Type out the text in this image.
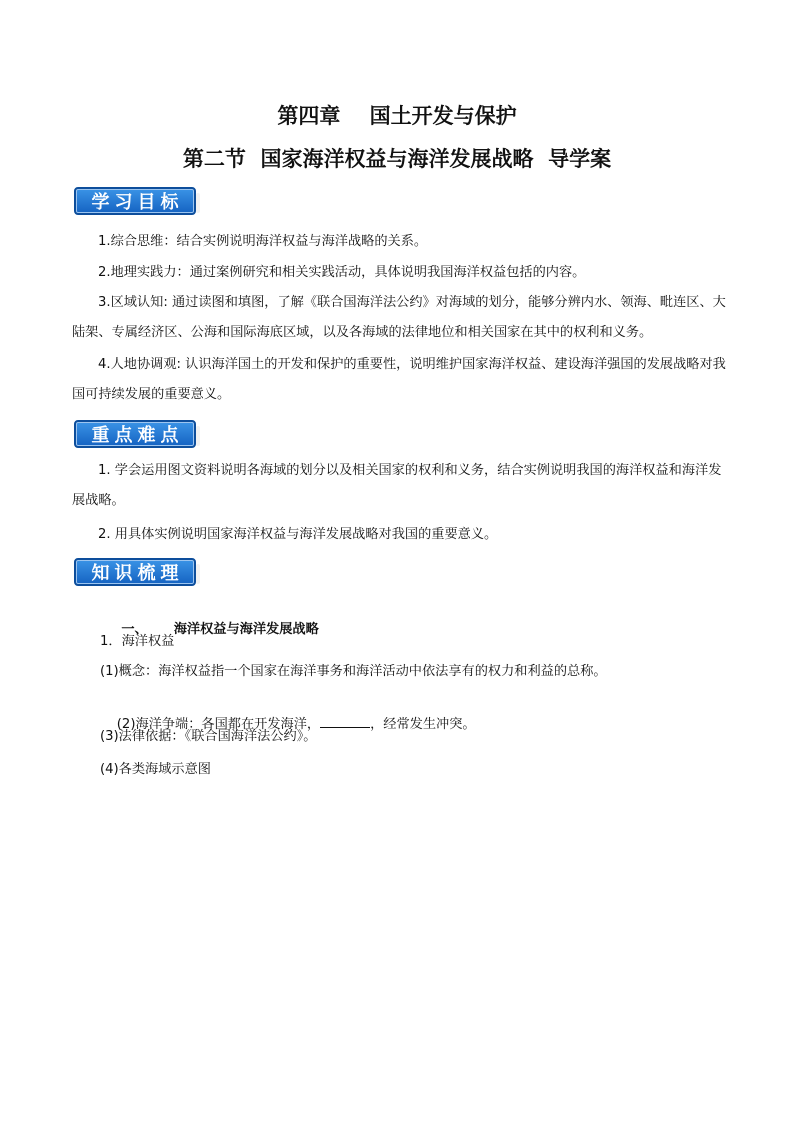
第四章    国土开发与保护
第二节  国家海洋权益与海洋发展战略  导学案
学习目标
1.综合思维：结合实例说明海洋权益与海洋战略的关系。
2.地理实践力：通过案例研究和相关实践活动，具体说明我国海洋权益包括的内容。
3.区域认知: 通过读图和填图，了解《联合国海洋法公约》对海域的划分，能够分辨内水、领海、毗连区、大陆架、专属经济区、公海和国际海底区域，以及各海域的法律地位和相关国家在其中的权利和义务。
4.人地协调观: 认识海洋国土的开发和保护的重要性，说明维护国家海洋权益、建设海洋强国的发展战略对我国可持续发展的重要意义。
重点难点
1. 学会运用图文资料说明各海域的划分以及相关国家的权利和义务，结合实例说明我国的海洋权益和海洋发展战略。
2. 用具体实例说明国家海洋权益与海洋发展战略对我国的重要意义。
知识梳理

一、 海洋权益与海洋发展战略

1．海洋权益
(1)概念：海洋权益指一个国家在海洋事务和海洋活动中依法享有的权力和利益的总称。

(2)海洋争端：各国都在开发海洋，	，经常发生冲突。

(3)法律依据：《联合国海洋法公约》。
(4)各类海域示意图
